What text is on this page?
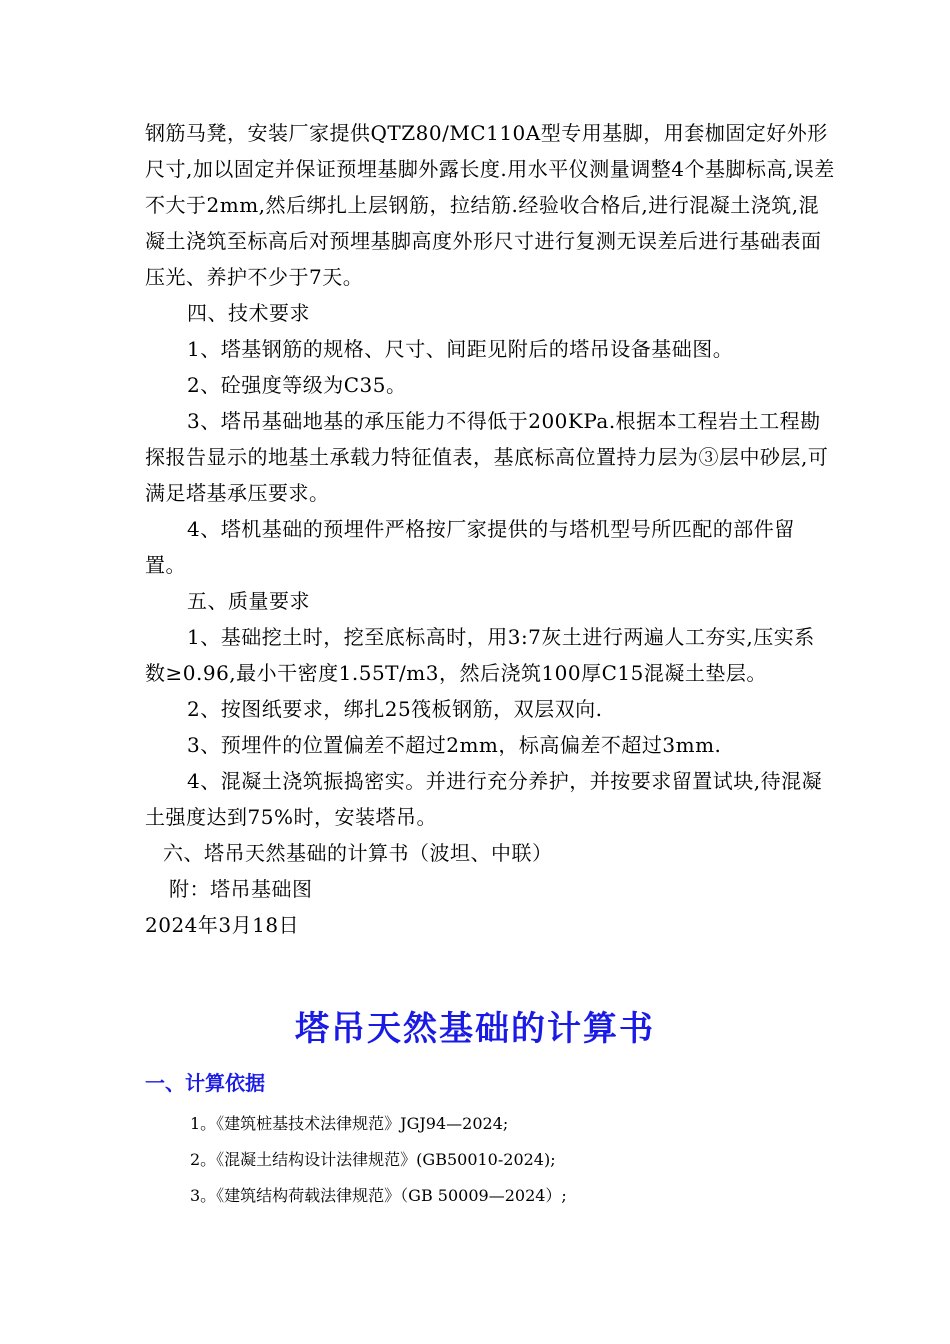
钢筋马凳，安装厂家提供QTZ80/MC110A型专用基脚，用套枷固定好外形尺寸,加以固定并保证预埋基脚外露长度.用水平仪测量调整4个基脚标高,误差不大于2mm,然后绑扎上层钢筋，拉结筋.经验收合格后,进行混凝土浇筑,混凝土浇筑至标高后对预埋基脚高度外形尺寸进行复测无误差后进行基础表面压光、养护不少于7天。

四、技术要求

1、塔基钢筋的规格、尺寸、间距见附后的塔吊设备基础图。

2、砼强度等级为C35。

3、塔吊基础地基的承压能力不得低于200KPa.根据本工程岩土工程勘探报告显示的地基土承载力特征值表，基底标高位置持力层为③层中砂层,可满足塔基承压要求。

4、塔机基础的预埋件严格按厂家提供的与塔机型号所匹配的部件留置。

五、质量要求

1、基础挖土时，挖至底标高时，用3:7灰土进行两遍人工夯实,压实系数≥0.96,最小干密度1.55T/m3，然后浇筑100厚C15混凝土垫层。

2、按图纸要求，绑扎25筏板钢筋，双层双向.

3、预埋件的位置偏差不超过2mm，标高偏差不超过3mm.

4、混凝土浇筑振捣密实。并进行充分养护，并按要求留置试块,待混凝土强度达到75%时，安装塔吊。

六、塔吊天然基础的计算书（波坦、中联）

附：塔吊基础图

2024年3月18日

塔吊天然基础的计算书
一、计算依据

1。《建筑桩基技术法律规范》JGJ94—2024;

2。《混凝土结构设计法律规范》(GB50010-2024);

3。《建筑结构荷载法律规范》（GB 50009—2024）;
